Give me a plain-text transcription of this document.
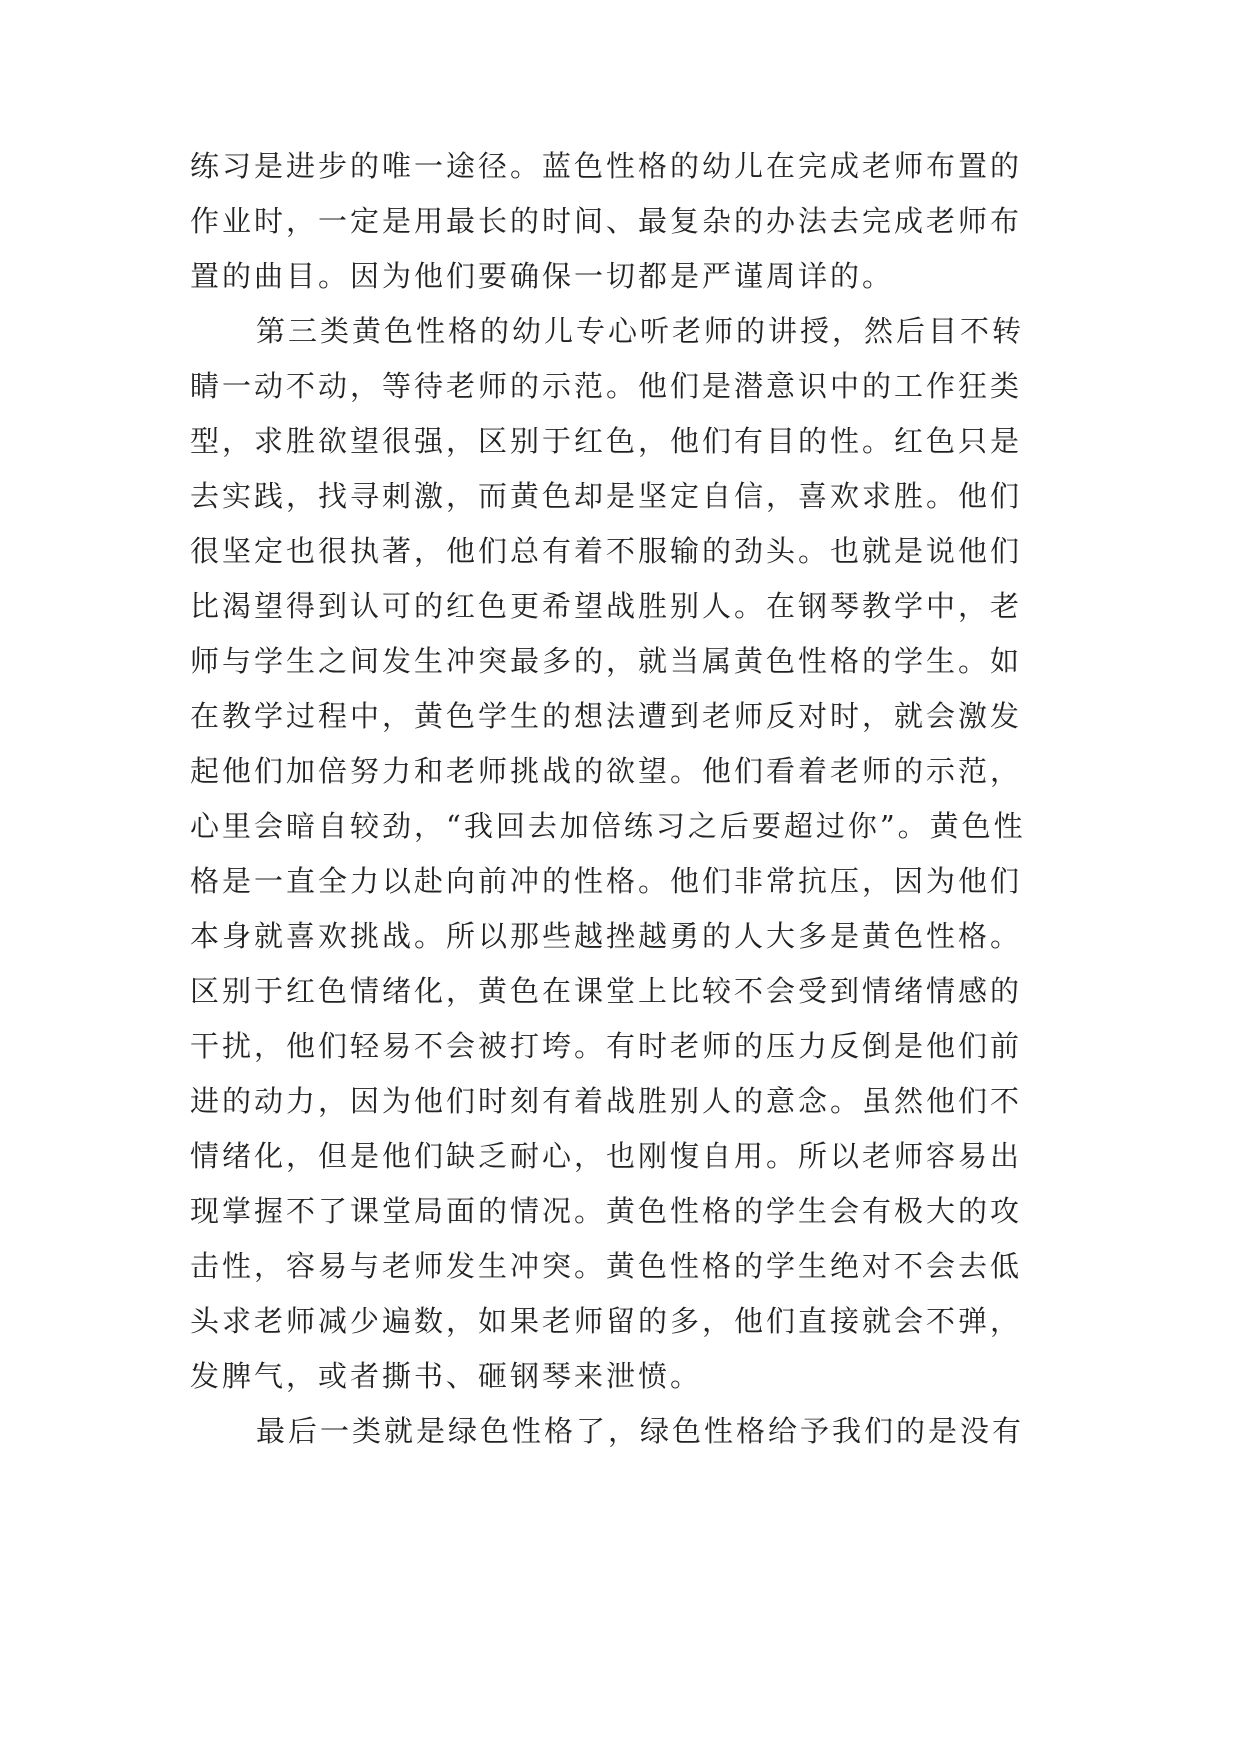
练习是进步的唯一途径。蓝色性格的幼儿在完成老师布置的
作业时，一定是用最长的时间、最复杂的办法去完成老师布
置的曲目。因为他们要确保一切都是严谨周详的。
第三类黄色性格的幼儿专心听老师的讲授，然后目不转
睛一动不动，等待老师的示范。他们是潜意识中的工作狂类
型，求胜欲望很强，区别于红色，他们有目的性。红色只是
去实践，找寻刺激，而黄色却是坚定自信，喜欢求胜。他们
很坚定也很执著，他们总有着不服输的劲头。也就是说他们
比渴望得到认可的红色更希望战胜别人。在钢琴教学中，老
师与学生之间发生冲突最多的，就当属黄色性格的学生。如
在教学过程中，黄色学生的想法遭到老师反对时，就会激发
起他们加倍努力和老师挑战的欲望。他们看着老师的示范，
心里会暗自较劲，“我回去加倍练习之后要超过你”。黄色性
格是一直全力以赴向前冲的性格。他们非常抗压，因为他们
本身就喜欢挑战。所以那些越挫越勇的人大多是黄色性格。
区别于红色情绪化，黄色在课堂上比较不会受到情绪情感的
干扰，他们轻易不会被打垮。有时老师的压力反倒是他们前
进的动力，因为他们时刻有着战胜别人的意念。虽然他们不
情绪化，但是他们缺乏耐心，也刚愎自用。所以老师容易出
现掌握不了课堂局面的情况。黄色性格的学生会有极大的攻
击性，容易与老师发生冲突。黄色性格的学生绝对不会去低
头求老师减少遍数，如果老师留的多，他们直接就会不弹，
发脾气，或者撕书、砸钢琴来泄愤。
最后一类就是绿色性格了，绿色性格给予我们的是没有
